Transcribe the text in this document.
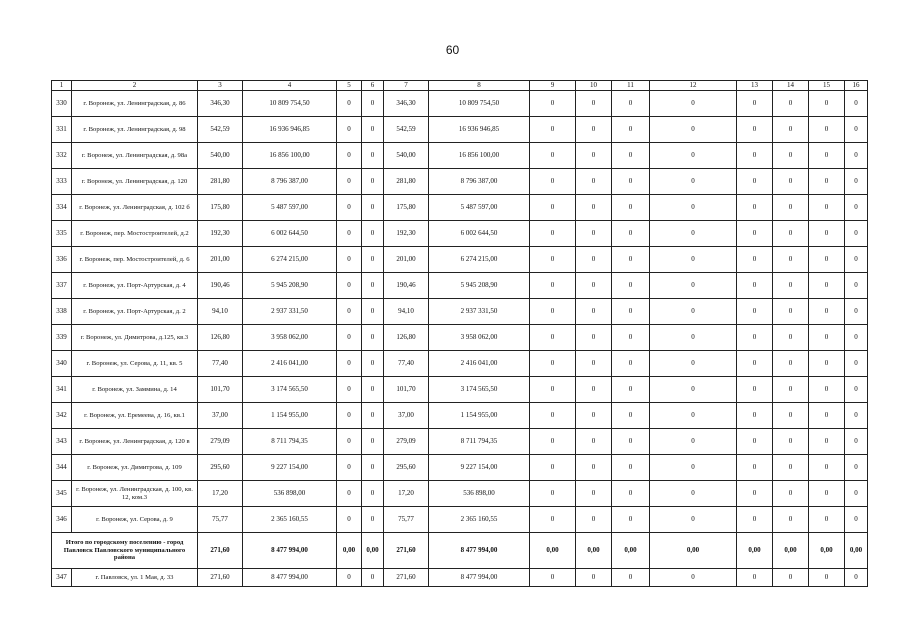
60
1	2	3	4	5	6	7	8	9	10	11	12	13	14	15	16
330	г. Воронеж, ул. Ленинградская, д. 86	346,30	10 809 754,50	0	0	346,30	10 809 754,50	0	0	0	0	0	0	0	0
331	г. Воронеж, ул. Ленинградская, д. 98	542,59	16 936 946,85	0	0	542,59	16 936 946,85	0	0	0	0	0	0	0	0
332	г. Воронеж, ул. Ленинградская, д. 98а	540,00	16 856 100,00	0	0	540,00	16 856 100,00	0	0	0	0	0	0	0	0
333	г. Воронеж, ул. Ленинградская, д. 120	281,80	8 796 387,00	0	0	281,80	8 796 387,00	0	0	0	0	0	0	0	0
334	г. Воронеж, ул. Ленинградская, д. 102 б	175,80	5 487 597,00	0	0	175,80	5 487 597,00	0	0	0	0	0	0	0	0
335	г. Воронеж, пер. Мостостроителей, д.2	192,30	6 002 644,50	0	0	192,30	6 002 644,50	0	0	0	0	0	0	0	0
336	г. Воронеж, пер. Мостостроителей, д. 6	201,00	6 274 215,00	0	0	201,00	6 274 215,00	0	0	0	0	0	0	0	0
337	г. Воронеж, ул. Порт-Артурская, д. 4	190,46	5 945 208,90	0	0	190,46	5 945 208,90	0	0	0	0	0	0	0	0
338	г. Воронеж, ул. Порт-Артурская, д. 2	94,10	2 937 331,50	0	0	94,10	2 937 331,50	0	0	0	0	0	0	0	0
339	г. Воронеж, ул. Димитрова, д.125, кв.3	126,80	3 958 062,00	0	0	126,80	3 958 062,00	0	0	0	0	0	0	0	0
340	г. Воронеж, ул. Серова, д. 11, кв. 5	77,40	2 416 041,00	0	0	77,40	2 416 041,00	0	0	0	0	0	0	0	0
341	г. Воронеж, ул. Заммина, д. 14	101,70	3 174 565,50	0	0	101,70	3 174 565,50	0	0	0	0	0	0	0	0
342	г. Воронеж, ул. Еремеева, д. 16, кв.1	37,00	1 154 955,00	0	0	37,00	1 154 955,00	0	0	0	0	0	0	0	0
343	г. Воронеж, ул. Ленинградская, д. 120 в	279,09	8 711 794,35	0	0	279,09	8 711 794,35	0	0	0	0	0	0	0	0
344	г. Воронеж, ул. Димитрова, д. 109	295,60	9 227 154,00	0	0	295,60	9 227 154,00	0	0	0	0	0	0	0	0
345	г. Воронеж, ул. Ленинградская, д. 100, кв. 12, ком.3	17,20	536 898,00	0	0	17,20	536 898,00	0	0	0	0	0	0	0	0
346	г. Воронеж, ул. Серова, д. 9	75,77	2 365 160,55	0	0	75,77	2 365 160,55	0	0	0	0	0	0	0	0
Итого по городскому поселению - город Павловск Павловского муниципального района		271,60	8 477 994,00	0,00	0,00	271,60	8 477 994,00	0,00	0,00	0,00	0,00	0,00	0,00	0,00	0,00
347	г. Павловск, ул. 1 Мая, д. 33	271,60	8 477 994,00	0	0	271,60	8 477 994,00	0	0	0	0	0	0	0	0
